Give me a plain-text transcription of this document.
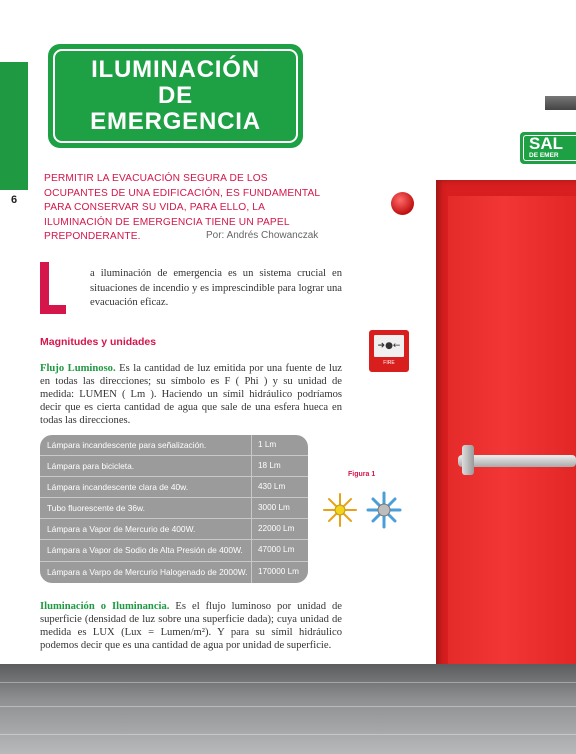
6
SAL
DE EMER
➜●←
FIRE
ILUMINACIÓN
DE
EMERGENCIA
PERMITIR LA EVACUACIÓN SEGURA DE LOS OCUPANTES DE UNA EDIFICACIÓN, ES FUNDAMENTAL PARA CONSERVAR SU VIDA, PARA ELLO, LA ILUMINACIÓN DE EMERGENCIA TIENE UN PAPEL PREPONDERANTE.	Por: Andrés Chowanczak
a iluminación de emergencia es un sistema crucial en situaciones de incendio y es imprescindible para lograr una evacuación eficaz.
Magnitudes y unidades
Flujo Luminoso. Es la cantidad de luz emitida por una fuente de luz en todas las direcciones; su símbolo es F ( Phi ) y su unidad de medida: LUMEN ( Lm ). Haciendo un símil hidráulico podríamos decir que es cierta cantidad de agua que sale de una esfera hueca en todas las direcciones.
Lámpara incandescente para señalización.	1 Lm
Lámpara para bicicleta.	18 Lm
Lámpara incandescente clara de 40w.	430 Lm
Tubo fluorescente de 36w.	3000 Lm
Lámpara a Vapor de Mercurio de 400W.	22000 Lm
Lámpara a Vapor de Sodio de Alta Presión de 400W.	47000 Lm
Lámpara a Varpo de Mercurio Halogenado de 2000W.	170000 Lm
Figura 1
Iluminación o Iluminancia. Es el flujo luminoso por unidad de superficie (densidad de luz sobre una superficie dada); cuya unidad de medida es LUX (Lux = Lumen/m²). Y para su símil hidráulico podemos decir que es una cantidad de agua por unidad de superficie.
